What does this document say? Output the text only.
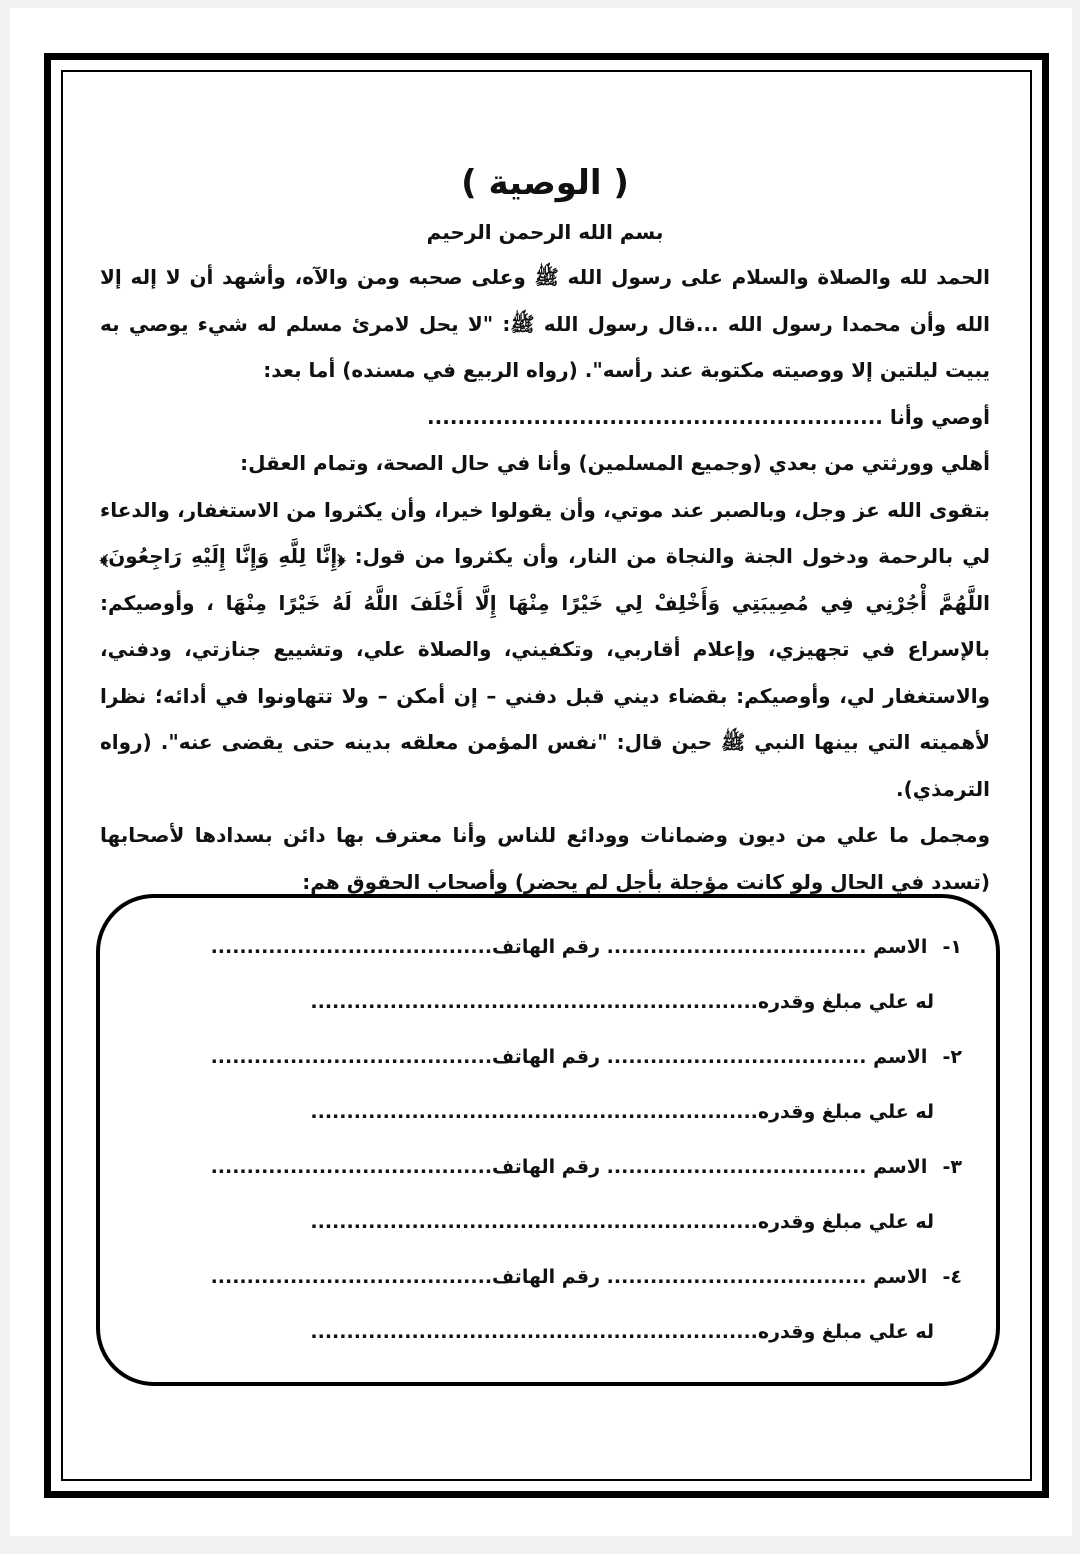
( الوصية )
بسم الله الرحمن الرحيم

الحمد لله والصلاة والسلام على رسول الله ﷺ وعلى صحبه ومن والآه، وأشهد أن لا إله إلا الله وأن محمدا رسول الله ...قال رسول الله ﷺ: "لا يحل لامرئ مسلم له شيء يوصي به يبيت ليلتين إلا ووصيته مكتوبة عند رأسه". (رواه الربيع في مسنده) أما بعد:

أوصي وأنا ............................................................

أهلي وورثتي من بعدي (وجميع المسلمين) وأنا في حال الصحة، وتمام العقل:

بتقوى الله عز وجل، وبالصبر عند موتي، وأن يقولوا خيرا، وأن يكثروا من الاستغفار، والدعاء لي بالرحمة ودخول الجنة والنجاة من النار، وأن يكثروا من قول: ﴿إِنَّا لِلَّهِ وَإِنَّا إِلَيْهِ رَاجِعُونَ﴾ اللَّهُمَّ أْجُرْنِي فِي مُصِيبَتِي وَأَخْلِفْ لِي خَيْرًا مِنْهَا إِلَّا أَخْلَفَ اللَّهُ لَهُ خَيْرًا مِنْهَا ، وأوصيكم: بالإسراع في تجهيزي، وإعلام أقاربي، وتكفيني، والصلاة علي، وتشييع جنازتي، ودفني، والاستغفار لي، وأوصيكم: بقضاء ديني قبل دفني – إن أمكن – ولا تتهاونوا في أدائه؛ نظرا لأهميته التي بينها النبي ﷺ حين قال: "نفس المؤمن معلقه بدينه حتى يقضى عنه". (رواه الترمذي).

ومجمل ما علي من ديون وضمانات وودائع للناس وأنا معترف بها دائن بسدادها لأصحابها (تسدد في الحال ولو كانت مؤجلة بأجل لم يحضر) وأصحاب الحقوق هم:

١- الاسم .................................... رقم الهاتف.......................................
له علي مبلغ وقدره..............................................................
٢- الاسم .................................... رقم الهاتف.......................................
له علي مبلغ وقدره..............................................................
٣- الاسم .................................... رقم الهاتف.......................................
له علي مبلغ وقدره..............................................................
٤- الاسم .................................... رقم الهاتف.......................................
له علي مبلغ وقدره..............................................................
